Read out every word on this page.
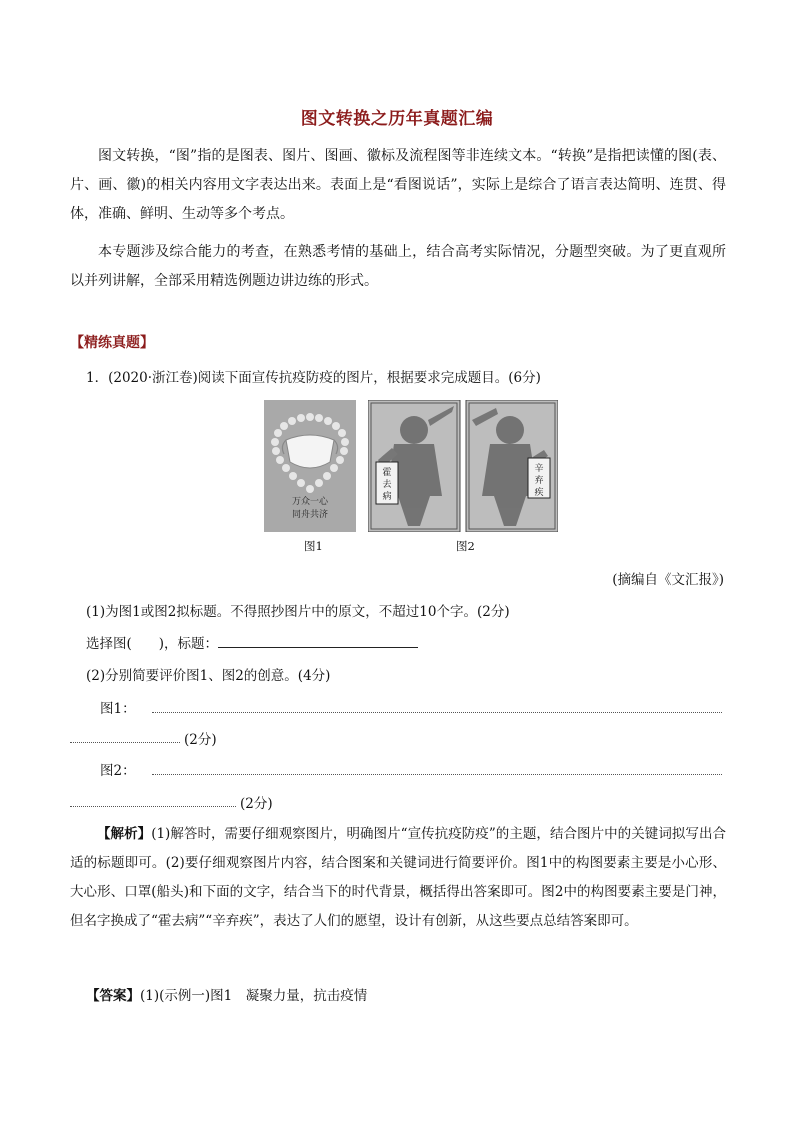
图文转换之历年真题汇编
图文转换，“图”指的是图表、图片、图画、徽标及流程图等非连续文本。“转换”是指把读懂的图(表、片、画、徽)的相关内容用文字表达出来。表面上是“看图说话”，实际上是综合了语言表达简明、连贯、得体，准确、鲜明、生动等多个考点。
本专题涉及综合能力的考查，在熟悉考情的基础上，结合高考实际情况，分题型突破。为了更直观所以并列讲解，全部采用精选例题边讲边练的形式。
【精练真题】
1．(2020·浙江卷)阅读下面宣传抗疫防疫的图片，根据要求完成题目。(6分)
万众一心
同舟共济
图1
霍去病
辛弃疾
图2
(摘编自《文汇报》)
(1)为图1或图2拟标题。不得照抄图片中的原文，不超过10个字。(2分)
选择图(　　)，标题：
(2)分别简要评价图1、图2的创意。(4分)
图1：
(2分)
图2：
(2分)
【解析】(1)解答时，需要仔细观察图片，明确图片“宣传抗疫防疫”的主题，结合图片中的关键词拟写出合适的标题即可。(2)要仔细观察图片内容，结合图案和关键词进行简要评价。图1中的构图要素主要是小心形、大心形、口罩(船头)和下面的文字，结合当下的时代背景，概括得出答案即可。图2中的构图要素主要是门神，但名字换成了“霍去病”“辛弃疾”，表达了人们的愿望，设计有创新，从这些要点总结答案即可。
【答案】(1)(示例一)图1　凝聚力量，抗击疫情
